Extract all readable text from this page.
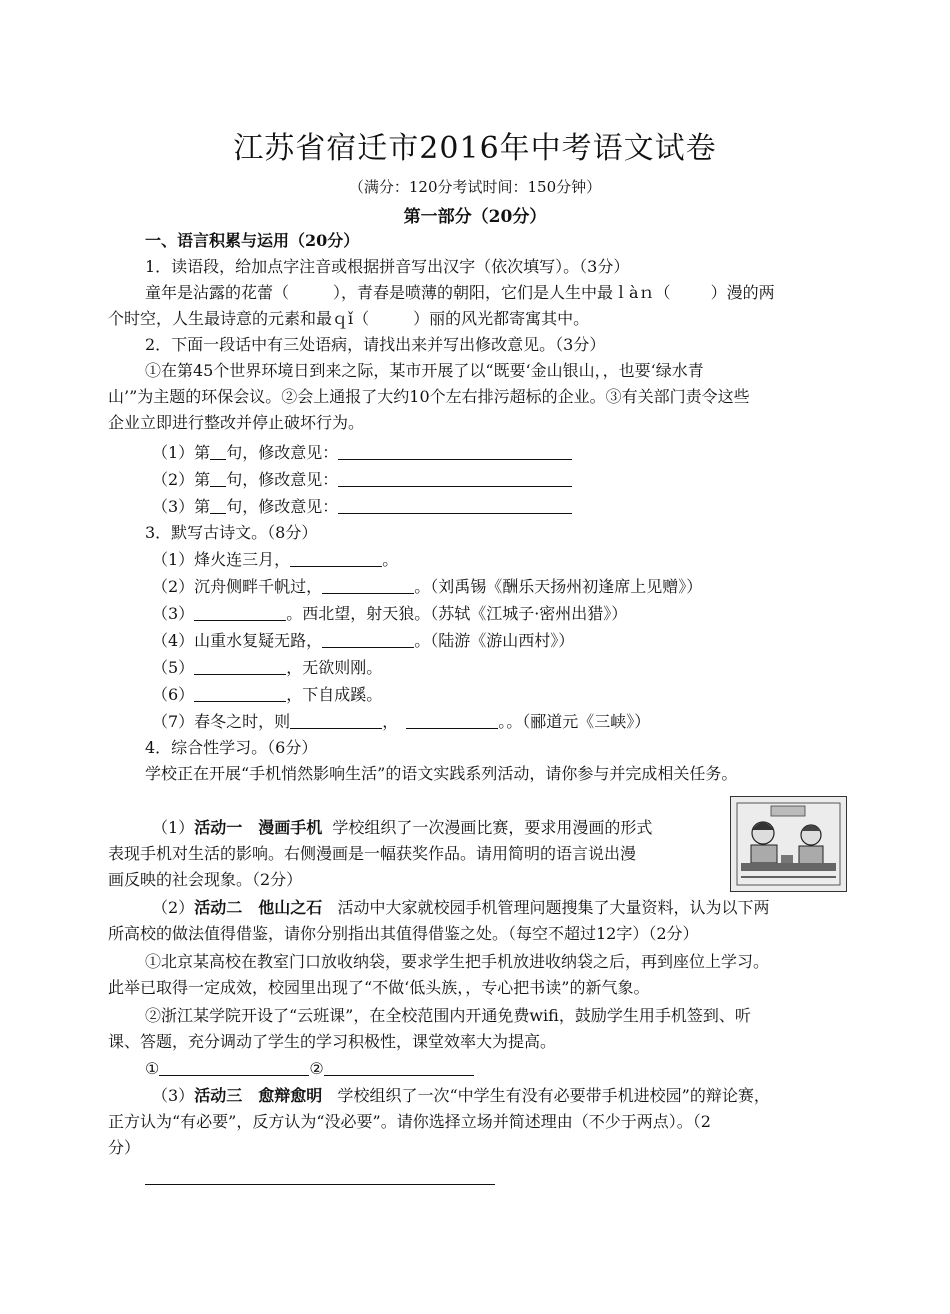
江苏省宿迁市2016年中考语文试卷
（满分：120分考试时间：150分钟）
第一部分（20分）
一、语言积累与运用（20分）
1．读语段，给加点字注音或根据拼音写出汉字（依次填写）。（3分）
童年是沾露的花蕾（	），青春是喷薄的朝阳，它们是人生中最ｌàｎ（	）漫的两
个时空，人生最诗意的元素和最ｑǐ（	）丽的风光都寄寓其中。
2．下面一段话中有三处语病，请找出来并写出修改意见。（3分）
①在第45个世界环境日到来之际，某市开展了以“既要‘金山银山，，也要‘绿水青
山’”为主题的环保会议。②会上通报了大约10个左右排污超标的企业。③有关部门责令这些
企业立即进行整改并停止破坏行为。
（1）第 句，修改意见：
（2）第 句，修改意见：
（3）第 句，修改意见：
3．默写古诗文。（8分）
（1）烽火连三月，	。
（2）沉舟侧畔千帆过，	。（刘禹锡《酬乐天扬州初逢席上见赠》）
（3）	。西北望，射天狼。（苏轼《江城子·密州出猎》）
（4）山重水复疑无路，	。（陆游《游山西村》）
（5）	，无欲则刚。
（6）	，下自成蹊。
（7）春冬之时，则	，	。。（郦道元《三峡》）
4．综合性学习。（6分）
学校正在开展“手机悄然影响生活”的语文实践系列活动，请你参与并完成相关任务。
（1）活动一　漫画手机 学校组织了一次漫画比赛，要求用漫画的形式
表现手机对生活的影响。右侧漫画是一幅获奖作品。请用简明的语言说出漫
画反映的社会现象。（2分）
（2）活动二　他山之石 活动中大家就校园手机管理问题搜集了大量资料，认为以下两
所高校的做法值得借鉴，请你分别指出其值得借鉴之处。（每空不超过12字）（2分）
①北京某高校在教室门口放收纳袋，要求学生把手机放进收纳袋之后，再到座位上学习。
此举已取得一定成效，校园里出现了“不做‘低头族，，专心把书读”的新气象。
②浙江某学院开设了“云班课”，在全校范围内开通免费wifi，鼓励学生用手机签到、听
课、答题，充分调动了学生的学习积极性，课堂效率大为提高。
①	②
（3）活动三　愈辩愈明 学校组织了一次“中学生有没有必要带手机进校园”的辩论赛，
正方认为“有必要”，反方认为“没必要”。请你选择立场并简述理由（不少于两点）。（2
分）
